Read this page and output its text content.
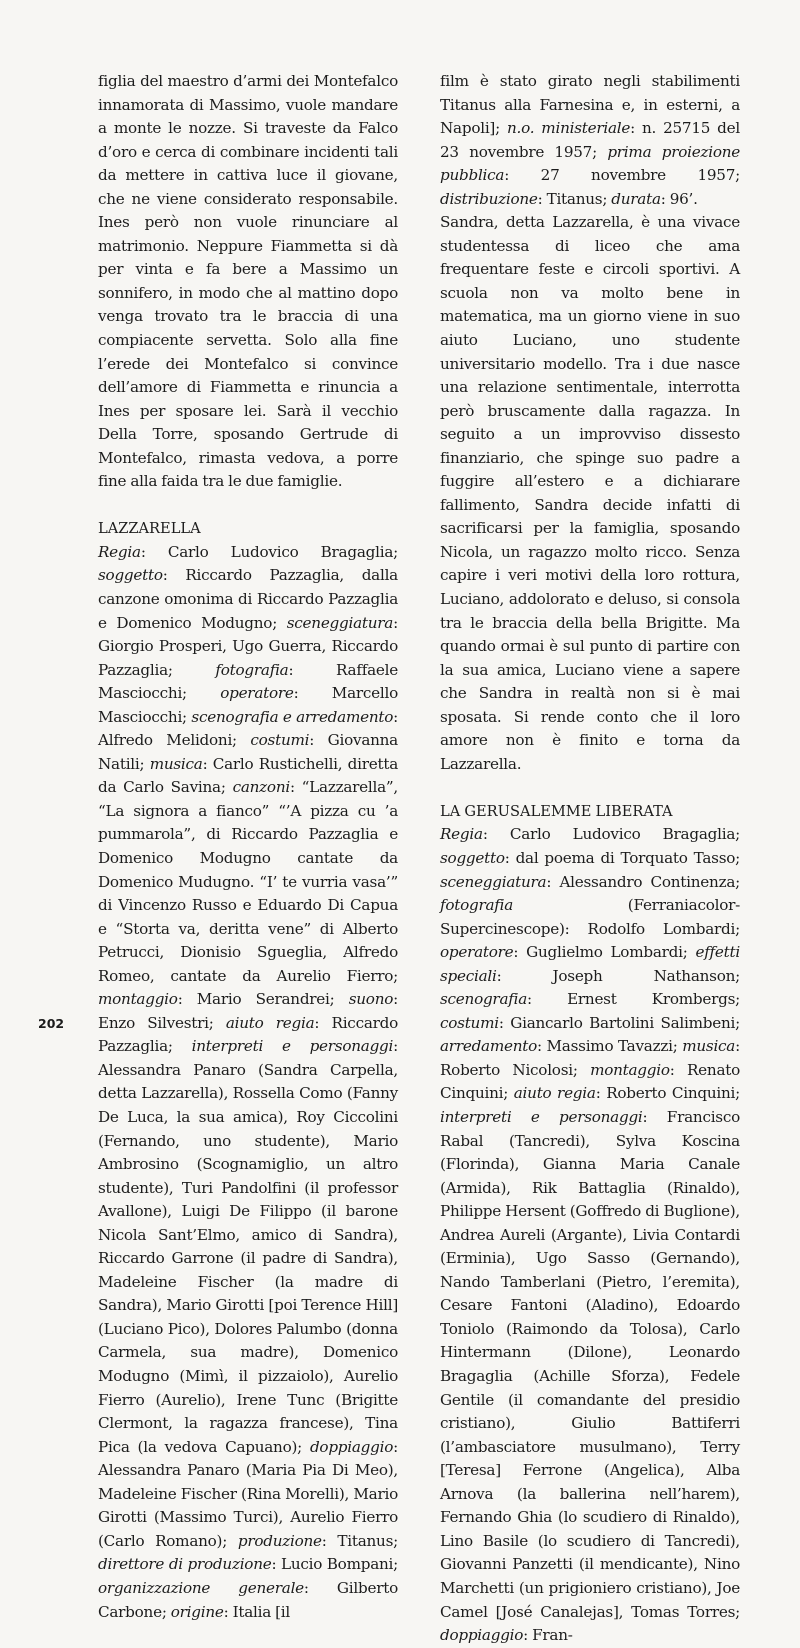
figlia del maestro d’armi dei Montefalco innamorata di Massimo, vuole mandare a monte le nozze. Si traveste da Falco d’oro e cerca di combinare incidenti tali da mettere in cattiva luce il giovane, che ne viene considerato responsabile. Ines però non vuole rinunciare al matrimonio. Neppure Fiammetta si dà per vinta e fa bere a Massimo un sonnifero, in modo che al mattino dopo venga trovato tra le braccia di una compiacente servetta. Solo alla fine l’erede dei Montefalco si convince dell’amore di Fiammetta e rinuncia a Ines per sposare lei. Sarà il vecchio Della Torre, sposando Gertrude di Montefalco, rimasta vedova, a porre fine alla faida tra le due famiglie.

LAZZARELLA

Regia: Carlo Ludovico Bragaglia; soggetto: Riccardo Pazzaglia, dalla canzone omonima di Riccardo Pazzaglia e Domenico Modugno; sceneggiatura: Giorgio Prosperi, Ugo Guerra, Riccardo Pazzaglia; fotografia: Raffaele Masciocchi; operatore: Marcello Masciocchi; scenografia e arredamento: Alfredo Melidoni; costumi: Giovanna Natili; musica: Carlo Rustichelli, diretta da Carlo Savina; canzoni: “Lazzarella”, “La signora a fianco” “’A pizza cu ’a pummarola”, di Riccardo Pazzaglia e Domenico Modugno cantate da Domenico Mudugno. “I’ te vurria vasa’” di Vincenzo Russo e Eduardo Di Capua e “Storta va, deritta vene” di Alberto Petrucci, Dionisio Sgueglia, Alfredo Romeo, cantate da Aurelio Fierro; montaggio: Mario Serandrei; suono: Enzo Silvestri; aiuto regia: Riccardo Pazzaglia; interpreti e personaggi: Alessandra Panaro (Sandra Carpella, detta Lazzarella), Rossella Como (Fanny De Luca, la sua amica), Roy Ciccolini (Fernando, uno studente), Mario Ambrosino (Scognamiglio, un altro studente), Turi Pandolfini (il professor Avallone), Luigi De Filippo (il barone Nicola Sant’Elmo, amico di Sandra), Riccardo Garrone (il padre di Sandra), Madeleine Fischer (la madre di Sandra), Mario Girotti [poi Terence Hill] (Luciano Pico), Dolores Palumbo (donna Carmela, sua madre), Domenico Modugno (Mimì, il pizzaiolo), Aurelio Fierro (Aurelio), Irene Tunc (Brigitte Clermont, la ragazza francese), Tina Pica (la vedova Capuano); doppiaggio: Alessandra Panaro (Maria Pia Di Meo), Madeleine Fischer (Rina Morelli), Mario Girotti (Massimo Turci), Aurelio Fierro (Carlo Romano); produzione: Titanus; direttore di produzione: Lucio Bompani; organizzazione generale: Gilberto Carbone; origine: Italia [il

film è stato girato negli stabilimenti Titanus alla Farnesina e, in esterni, a Napoli]; n.o. ministeriale: n. 25715 del 23 novembre 1957; prima proiezione pubblica: 27 novembre 1957; distribuzione: Titanus; durata: 96’.

Sandra, detta Lazzarella, è una vivace studentessa di liceo che ama frequentare feste e circoli sportivi. A scuola non va molto bene in matematica, ma un giorno viene in suo aiuto Luciano, uno studente universitario modello. Tra i due nasce una relazione sentimentale, interrotta però bruscamente dalla ragazza. In seguito a un improvviso dissesto finanziario, che spinge suo padre a fuggire all’estero e a dichiarare fallimento, Sandra decide infatti di sacrificarsi per la famiglia, sposando Nicola, un ragazzo molto ricco. Senza capire i veri motivi della loro rottura, Luciano, addolorato e deluso, si consola tra le braccia della bella Brigitte. Ma quando ormai è sul punto di partire con la sua amica, Luciano viene a sapere che Sandra in realtà non si è mai sposata. Si rende conto che il loro amore non è finito e torna da Lazzarella.

LA GERUSALEMME LIBERATA

Regia: Carlo Ludovico Bragaglia; soggetto: dal poema di Torquato Tasso; sceneggiatura: Alessandro Continenza; fotografia (Ferraniacolor-Supercinescope): Rodolfo Lombardi; operatore: Guglielmo Lombardi; effetti speciali: Joseph Nathanson; scenografia: Ernest Krombergs; costumi: Giancarlo Bartolini Salimbeni; arredamento: Massimo Tavazzi; musica: Roberto Nicolosi; montaggio: Renato Cinquini; aiuto regia: Roberto Cinquini; interpreti e personaggi: Francisco Rabal (Tancredi), Sylva Koscina (Florinda), Gianna Maria Canale (Armida), Rik Battaglia (Rinaldo), Philippe Hersent (Goffredo di Buglione), Andrea Aureli (Argante), Livia Contardi (Erminia), Ugo Sasso (Gernando), Nando Tamberlani (Pietro, l’eremita), Cesare Fantoni (Aladino), Edoardo Toniolo (Raimondo da Tolosa), Carlo Hintermann (Dilone), Leonardo Bragaglia (Achille Sforza), Fedele Gentile (il comandante del presidio cristiano), Giulio Battiferri (l’ambasciatore musulmano), Terry [Teresa] Ferrone (Angelica), Alba Arnova (la ballerina nell’harem), Fernando Ghia (lo scudiero di Rinaldo), Lino Basile (lo scudiero di Tancredi), Giovanni Panzetti (il mendicante), Nino Marchetti (un prigioniero cristiano), Joe Camel [José Canalejas], Tomas Torres; doppiaggio: Fran-

202
